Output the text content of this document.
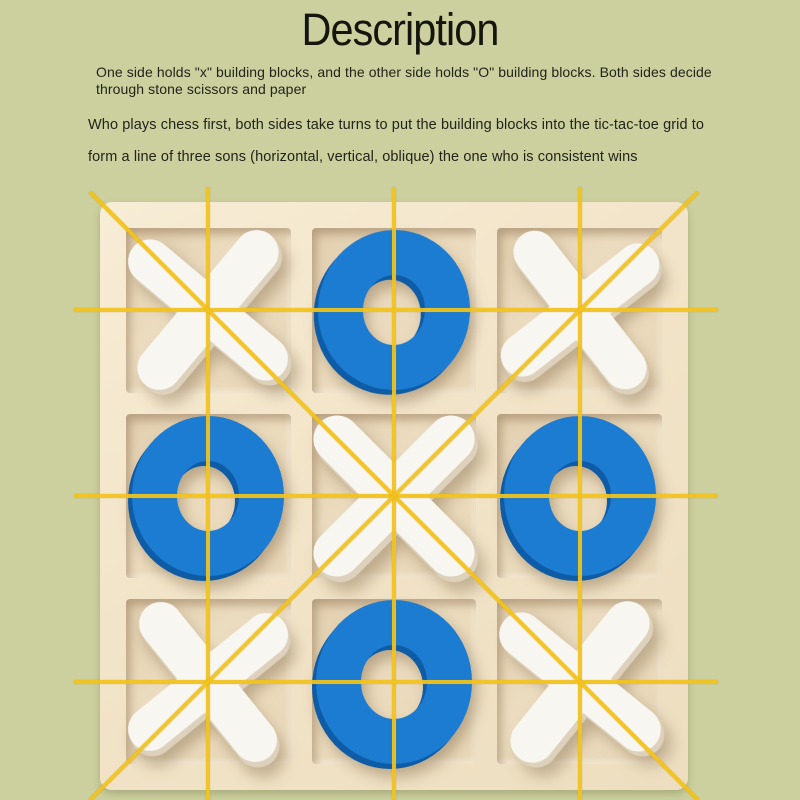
Description

One side holds "x" building blocks, and the other side holds "O" building blocks. Both sides decide

through stone scissors and paper

Who plays chess first, both sides take turns to put the building blocks into the tic-tac-toe grid to

form a line of three sons (horizontal, vertical, oblique) the one who is consistent wins
